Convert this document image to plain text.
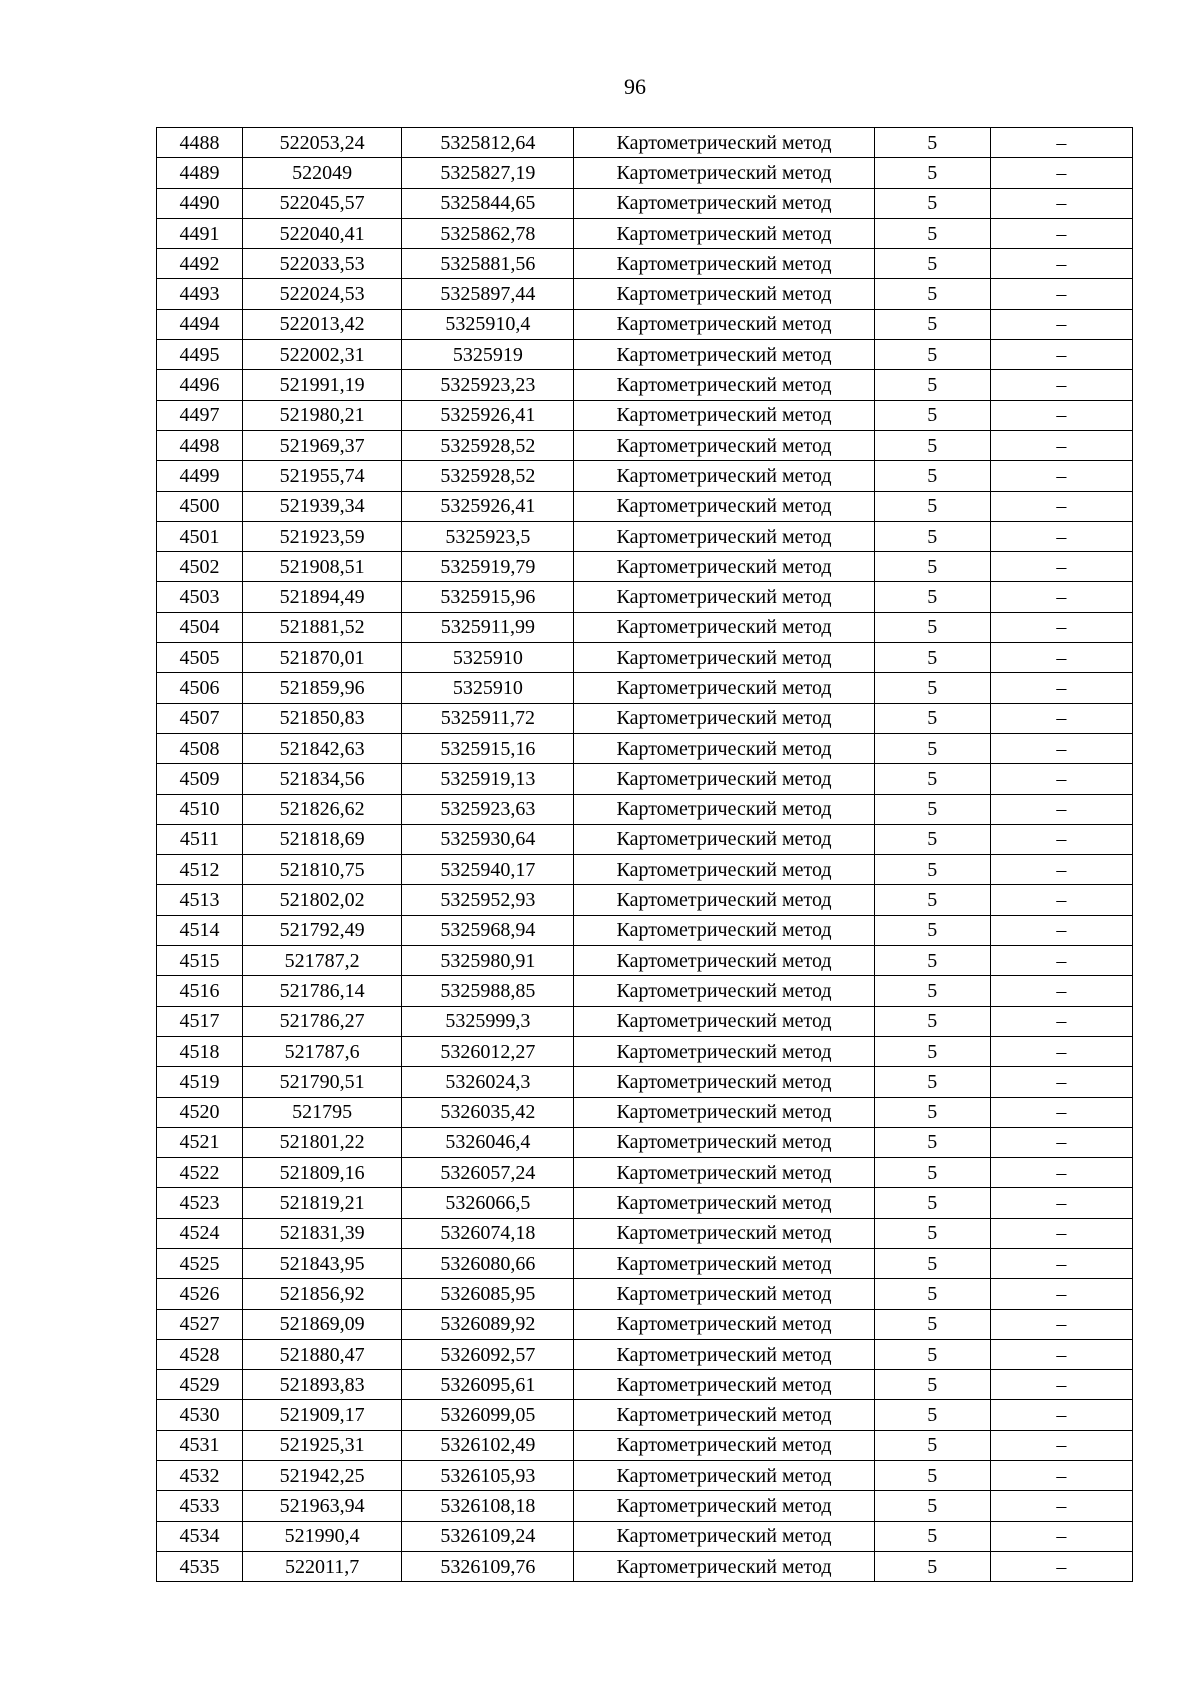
96
4488	522053,24	5325812,64	Картометрический метод	5	–
4489	522049	5325827,19	Картометрический метод	5	–
4490	522045,57	5325844,65	Картометрический метод	5	–
4491	522040,41	5325862,78	Картометрический метод	5	–
4492	522033,53	5325881,56	Картометрический метод	5	–
4493	522024,53	5325897,44	Картометрический метод	5	–
4494	522013,42	5325910,4	Картометрический метод	5	–
4495	522002,31	5325919	Картометрический метод	5	–
4496	521991,19	5325923,23	Картометрический метод	5	–
4497	521980,21	5325926,41	Картометрический метод	5	–
4498	521969,37	5325928,52	Картометрический метод	5	–
4499	521955,74	5325928,52	Картометрический метод	5	–
4500	521939,34	5325926,41	Картометрический метод	5	–
4501	521923,59	5325923,5	Картометрический метод	5	–
4502	521908,51	5325919,79	Картометрический метод	5	–
4503	521894,49	5325915,96	Картометрический метод	5	–
4504	521881,52	5325911,99	Картометрический метод	5	–
4505	521870,01	5325910	Картометрический метод	5	–
4506	521859,96	5325910	Картометрический метод	5	–
4507	521850,83	5325911,72	Картометрический метод	5	–
4508	521842,63	5325915,16	Картометрический метод	5	–
4509	521834,56	5325919,13	Картометрический метод	5	–
4510	521826,62	5325923,63	Картометрический метод	5	–
4511	521818,69	5325930,64	Картометрический метод	5	–
4512	521810,75	5325940,17	Картометрический метод	5	–
4513	521802,02	5325952,93	Картометрический метод	5	–
4514	521792,49	5325968,94	Картометрический метод	5	–
4515	521787,2	5325980,91	Картометрический метод	5	–
4516	521786,14	5325988,85	Картометрический метод	5	–
4517	521786,27	5325999,3	Картометрический метод	5	–
4518	521787,6	5326012,27	Картометрический метод	5	–
4519	521790,51	5326024,3	Картометрический метод	5	–
4520	521795	5326035,42	Картометрический метод	5	–
4521	521801,22	5326046,4	Картометрический метод	5	–
4522	521809,16	5326057,24	Картометрический метод	5	–
4523	521819,21	5326066,5	Картометрический метод	5	–
4524	521831,39	5326074,18	Картометрический метод	5	–
4525	521843,95	5326080,66	Картометрический метод	5	–
4526	521856,92	5326085,95	Картометрический метод	5	–
4527	521869,09	5326089,92	Картометрический метод	5	–
4528	521880,47	5326092,57	Картометрический метод	5	–
4529	521893,83	5326095,61	Картометрический метод	5	–
4530	521909,17	5326099,05	Картометрический метод	5	–
4531	521925,31	5326102,49	Картометрический метод	5	–
4532	521942,25	5326105,93	Картометрический метод	5	–
4533	521963,94	5326108,18	Картометрический метод	5	–
4534	521990,4	5326109,24	Картометрический метод	5	–
4535	522011,7	5326109,76	Картометрический метод	5	–
